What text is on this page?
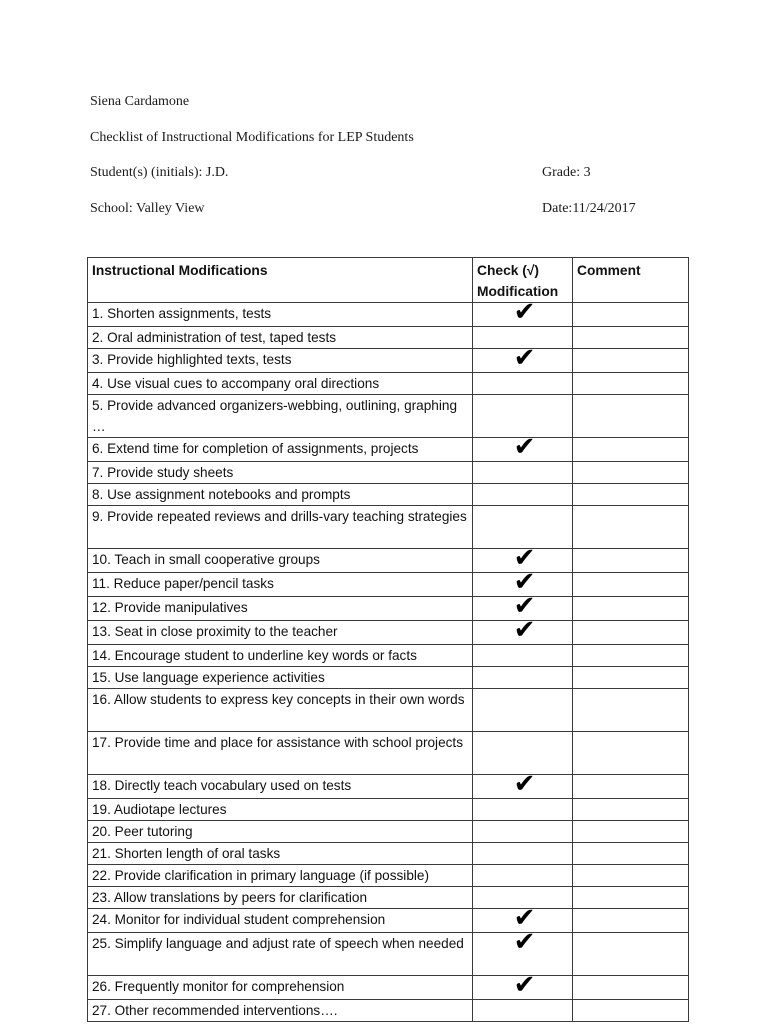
Siena Cardamone
Checklist of Instructional Modifications for LEP Students
Student(s) (initials): J.D.	Grade: 3
School: Valley View	Date:11/24/2017
Instructional Modifications	Check (√) Modification	Comment
1. Shorten assignments, tests	✔	
2. Oral administration of test, taped tests		
3. Provide highlighted texts, tests	✔	
4. Use visual cues to accompany oral directions		
5. Provide advanced organizers-webbing, outlining, graphing …		
6. Extend time for completion of assignments, projects	✔	
7. Provide study sheets		
8. Use assignment notebooks and prompts		
9. Provide repeated reviews and drills-vary teaching strategies		
10. Teach in small cooperative groups	✔	
11. Reduce paper/pencil tasks	✔	
12. Provide manipulatives	✔	
13. Seat in close proximity to the teacher	✔	
14. Encourage student to underline key words or facts		
15. Use language experience activities		
16. Allow students to express key concepts in their own words		
17. Provide time and place for assistance with school projects		
18. Directly teach vocabulary used on tests	✔	
19. Audiotape lectures		
20. Peer tutoring		
21. Shorten length of oral tasks		
22. Provide clarification in primary language (if possible)		
23. Allow translations by peers for clarification		
24. Monitor for individual student comprehension	✔	
25. Simplify language and adjust rate of speech when needed	✔	
26. Frequently monitor for comprehension	✔	
27. Other recommended interventions….		
